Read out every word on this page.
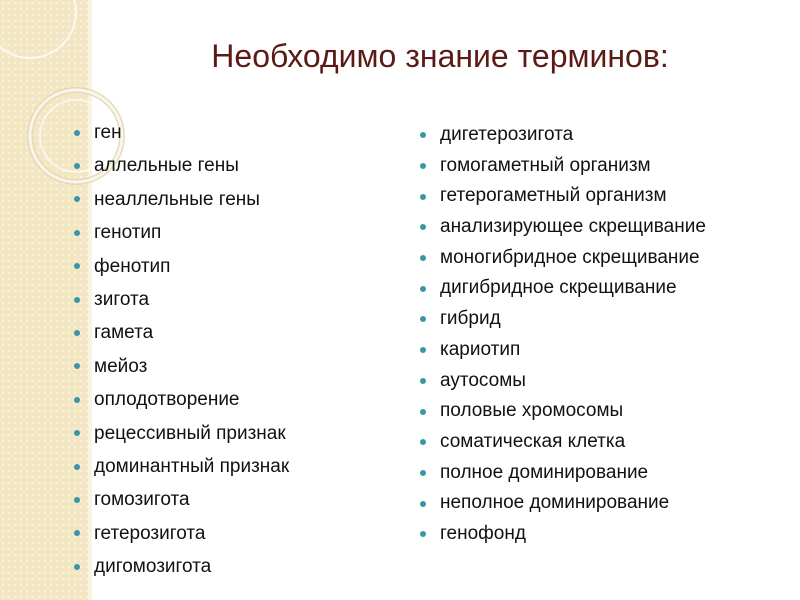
Необходимо знание терминов:
ген
аллельные гены
неаллельные гены
генотип
фенотип
зигота
гамета
мейоз
оплодотворение
рецессивный признак
доминантный признак
гомозигота
гетерозигота
дигомозигота
дигетерозигота
гомогаметный организм
гетерогаметный организм
анализирующее скрещивание
моногибридное скрещивание
дигибридное скрещивание
гибрид
кариотип
аутосомы
половые хромосомы
соматическая клетка
полное доминирование
неполное доминирование
генофонд
